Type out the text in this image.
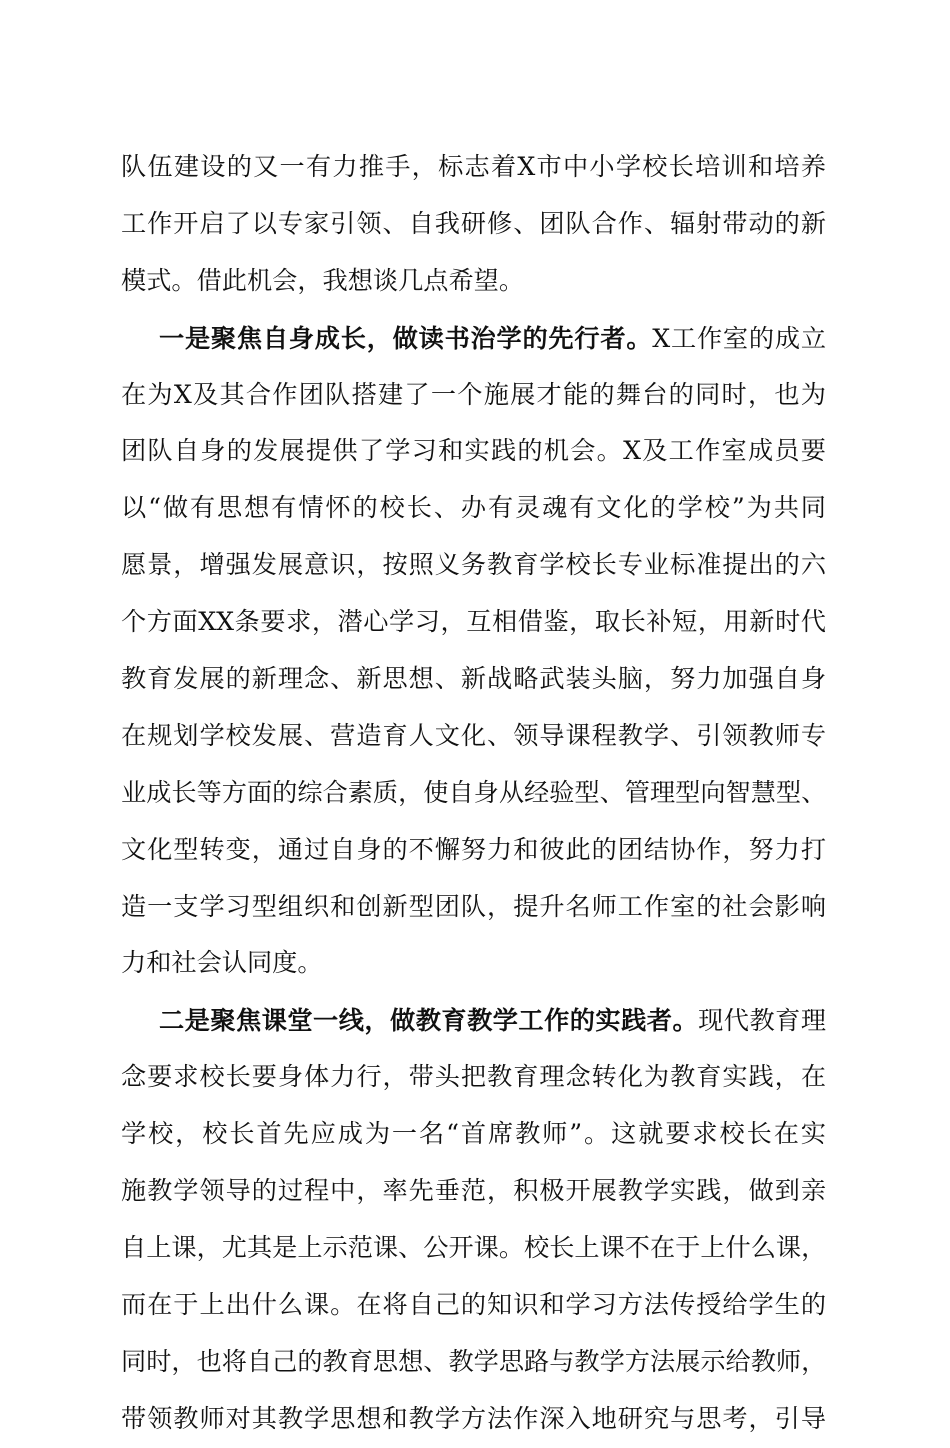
队伍建设的又一有力推手，标志着X市中小学校长培训和培养
工作开启了以专家引领、自我研修、团队合作、辐射带动的新
模式。借此机会，我想谈几点希望。
一是聚焦自身成长，做读书治学的先行者。X工作室的成立
在为X及其合作团队搭建了一个施展才能的舞台的同时，也为
团队自身的发展提供了学习和实践的机会。X及工作室成员要
以“做有思想有情怀的校长、办有灵魂有文化的学校”为共同
愿景，增强发展意识，按照义务教育学校长专业标准提出的六
个方面XX条要求，潜心学习，互相借鉴，取长补短，用新时代
教育发展的新理念、新思想、新战略武装头脑，努力加强自身
在规划学校发展、营造育人文化、领导课程教学、引领教师专
业成长等方面的综合素质，使自身从经验型、管理型向智慧型、
文化型转变，通过自身的不懈努力和彼此的团结协作，努力打
造一支学习型组织和创新型团队，提升名师工作室的社会影响
力和社会认同度。
二是聚焦课堂一线，做教育教学工作的实践者。现代教育理
念要求校长要身体力行，带头把教育理念转化为教育实践，在
学校，校长首先应成为一名“首席教师”。这就要求校长在实
施教学领导的过程中，率先垂范，积极开展教学实践，做到亲
自上课，尤其是上示范课、公开课。校长上课不在于上什么课，
而在于上出什么课。在将自己的知识和学习方法传授给学生的
同时，也将自己的教育思想、教学思路与教学方法展示给教师，
带领教师对其教学思想和教学方法作深入地研究与思考，引导
